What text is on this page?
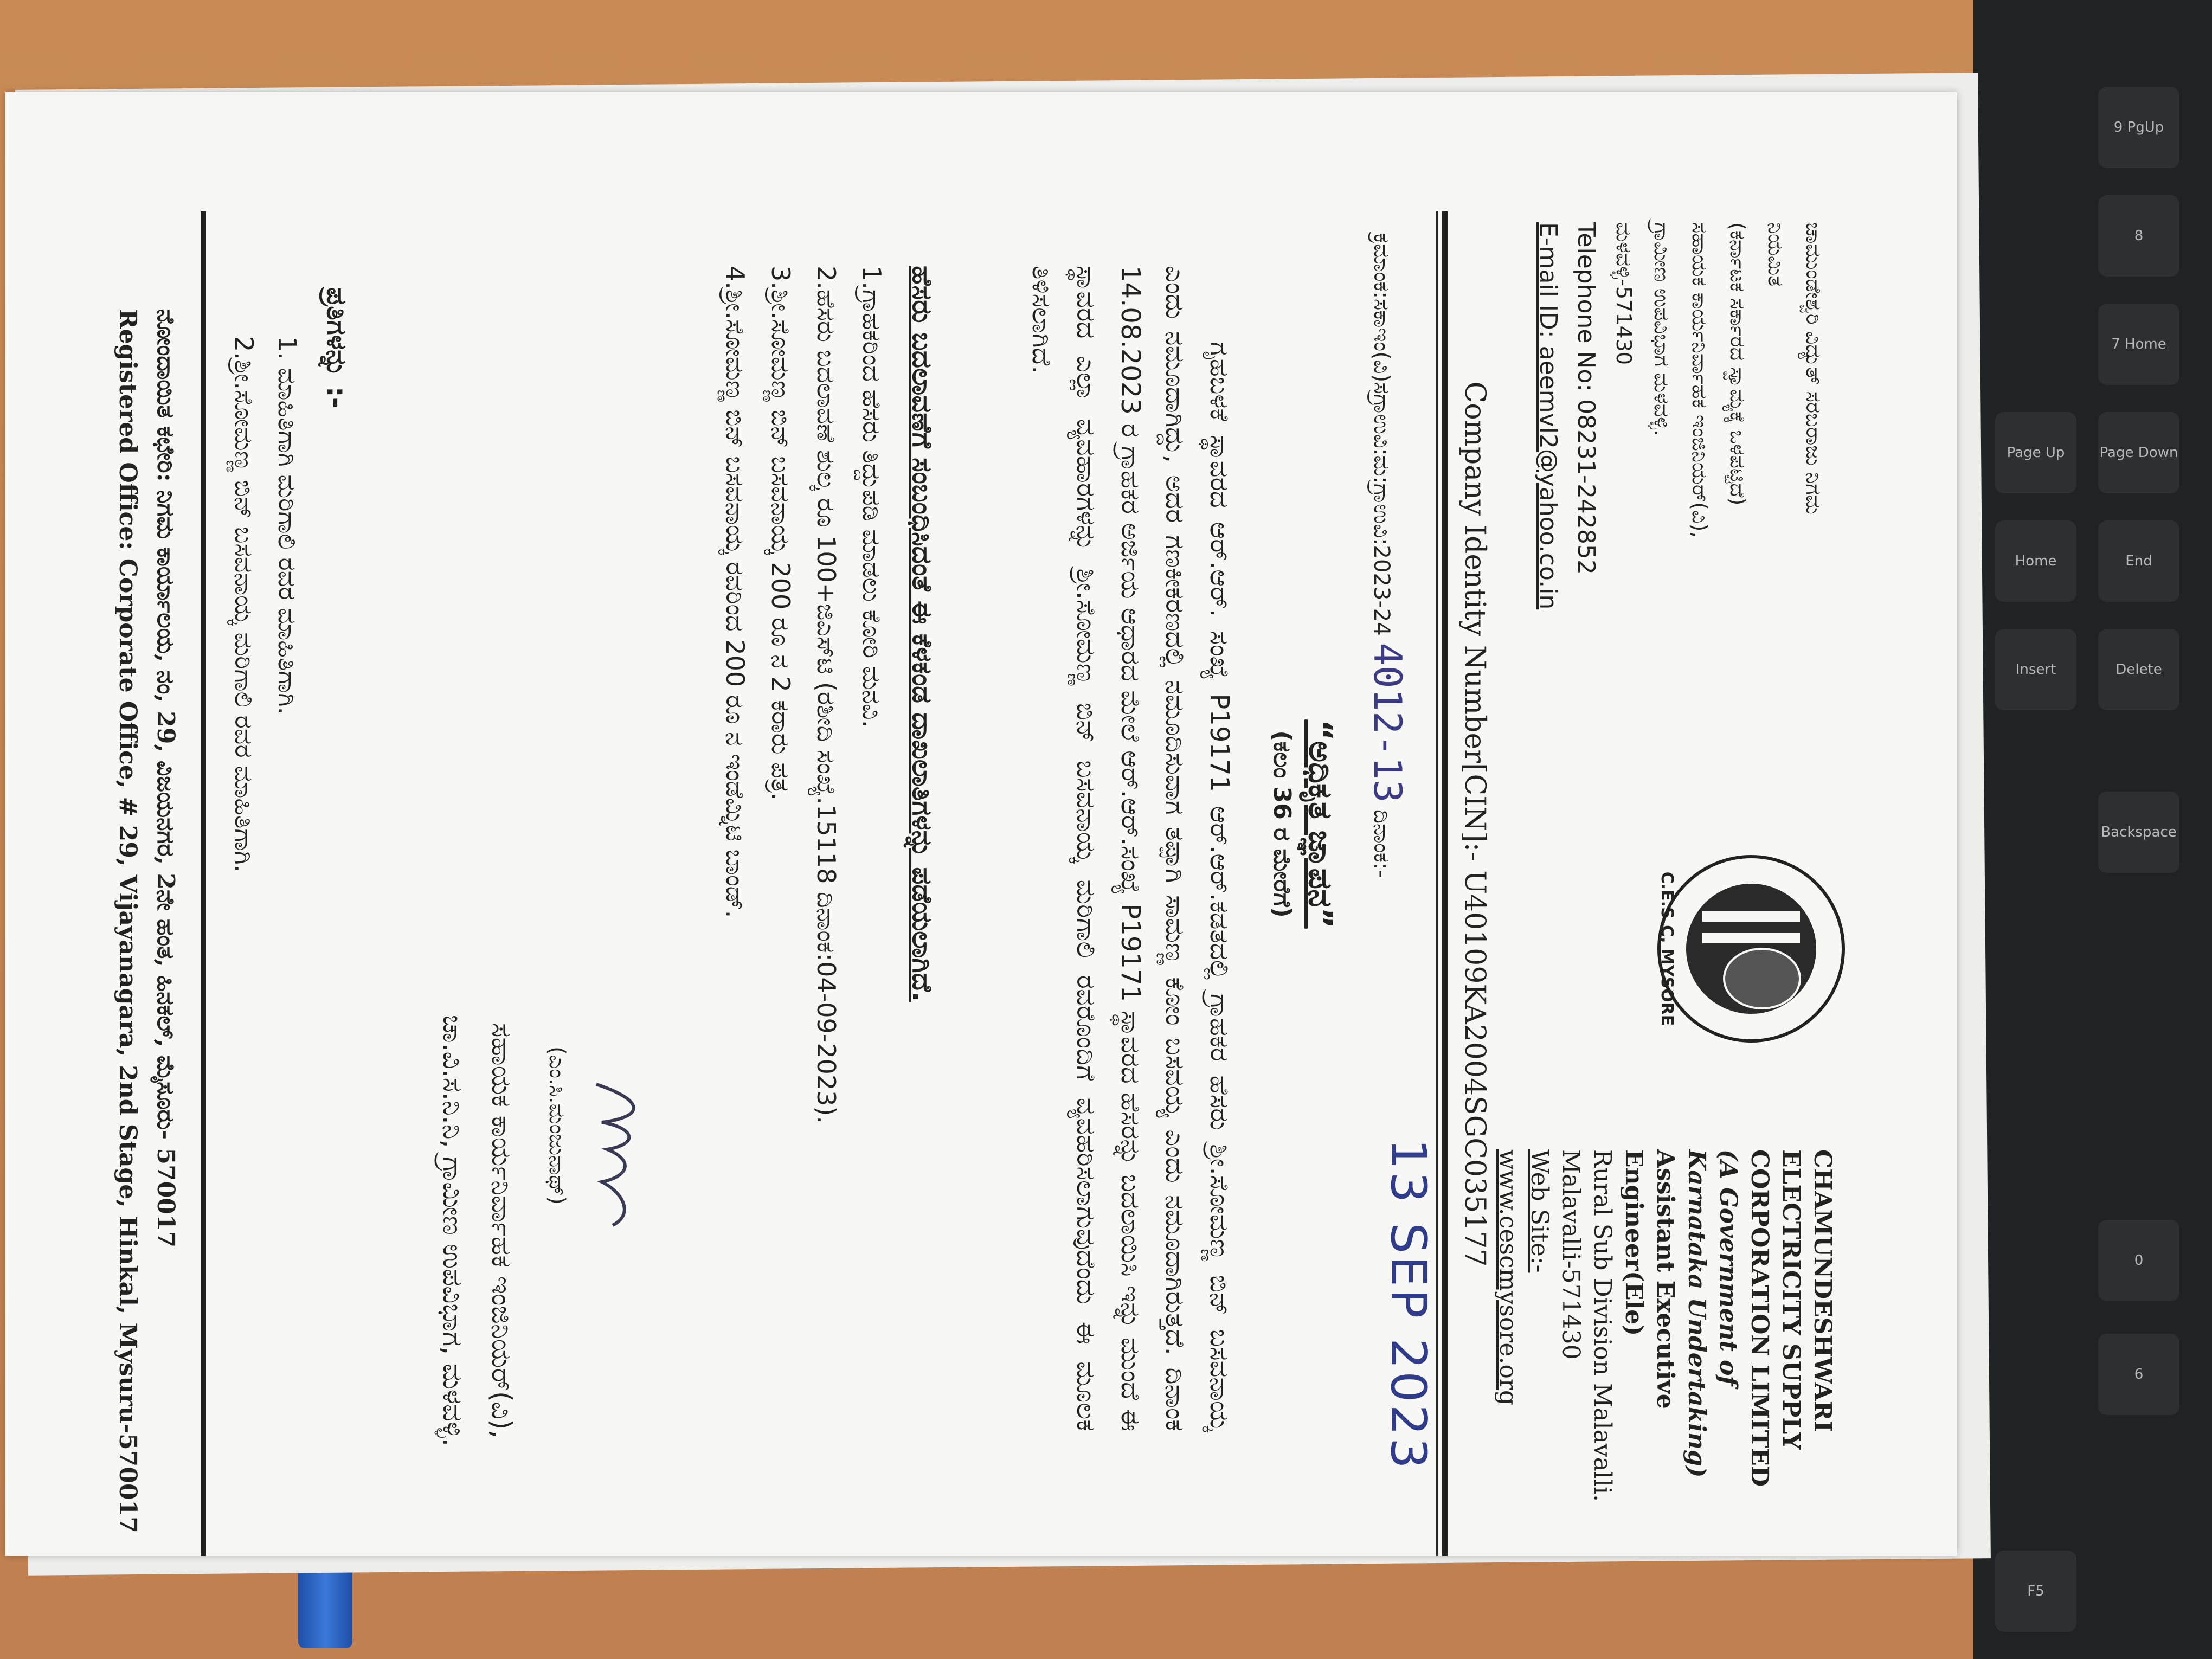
F5
6
0
Backspace
Insert	Delete
Home	End
Page Up	Page Down
7 Home
8
9 PgUp
ಚಾಮುಂಡೇಶ್ವರಿ ವಿದ್ಯುತ್ ಸರಬರಾಜು ನಿಗಮ
ನಿಯಮಿತ
(ಕರ್ನಾಟಕ ಸರ್ಕಾರದ ಸ್ವಾಮ್ಯಕ್ಕೆ ಒಳಪಟ್ಟಿದೆ)
ಸಹಾಯಕ ಕಾರ್ಯನಿರ್ವಾಹಕ ಇಂಜಿನಿಯರ್(ವಿ),
ಗ್ರಾಮೀಣ ಉಪವಿಭಾಗ ಮಳವಳ್ಳಿ.
ಮಳವಳ್ಳಿ-571430
Telephone No: 08231-242852
E-mail ID: aeemvl2@yahoo.co.in
C.E.S.C, MYSORE
CHAMUNDESHWARI ELECTRICITY SUPPLY CORPORATION LIMITED
(A Government of Karnataka Undertaking)
Assistant Executive Engineer(Ele)
Rural Sub Division Malavalli.
Malavalli-571430
Web Site:- www.cescmysore.org
Company Identity Number[CIN]:- U40109KA2004SGC035177
ಕ್ರಮಾಂಕ:ಸಕಾಇಂ(ವಿ)ಸಗ್ರಾಉವಿ:ಮ:ಗ್ರಾಉವಿ:2023-24 4012-13 ದಿನಾಂಕ:-
13 SEP 2023
“ಅಧಿಕೃತ ಜ್ಞಾಪನ”
(ಕಲಂ 36 ರ ಮೇರೆಗೆ)
ಗೃಹಬಳಕೆ ಸ್ಥಾವರದ ಆರ್.ಆರ್. ಸಂಖ್ಯೆ P19171 ಆರ್.ಆರ್.ಕಡತದಲ್ಲಿ ಗ್ರಾಹಕರ ಹೆಸರು ಶ್ರೀ.ಸೋಮಣ್ಣ ಬಿನ್ ಬಸವನಾಯ್ಕ ಎಂದು ನಮೂದಾಗಿದ್ದು, ಅದರ ಗಣಕೀಕರಣದಲ್ಲಿ ನಮೂದಿಸುವಾಗ ತಪ್ಪಾಗಿ ಸಾಮಣ್ಣ ಕೋಂ ಬಸವಯ್ಯ ಎಂದು ನಮೂದಾಗಿರುತ್ತದೆ. ದಿನಾಂಕ 14.08.2023 ರ ಗ್ರಾಹಕರ ಅರ್ಜಿಯ ಆಧಾರದ ಮೇಲೆ ಆರ್.ಆರ್.ಸಂಖ್ಯೆ P19171 ಸ್ಥಾವರದ ಹೆಸರನ್ನು ಬದಲಾಯಿಸಿ ಇನ್ನು ಮುಂದೆ ಈ ಸ್ಥಾವರದ ಎಲ್ಲಾ ವ್ಯವಹಾರಗಳನ್ನು ಶ್ರೀ.ಸೋಮಣ್ಣ ಬಿನ್ ಬಸವನಾಯ್ಕ ಮರಿಗಾಲಿ ರವರೊಂದಿಗೆ ವ್ಯವಹರಿಸಲಾಗುವುದೆಂದು ಈ ಮೂಲಕ ತಿಳಿಸಲಾಗಿದೆ.
ಹೆಸರು ಬದಲಾವಣೆಗೆ ಸಂಬಂಧಿಸಿದಂತೆ ಈ ಕೆಳಕಂಡ ದಾಖಲಾತಿಗಳನ್ನು ಪಡೆಯಲಾಗಿದೆ.
1.ಗ್ರಾಹಕರಿಂದ ಹೆಸರು ತಿದ್ದುಪಡಿ ಮಾಡಲು ಕೋರಿ ಮನವಿ.
2.ಹೆಸರು ಬದಲಾವಣೆ ಶುಲ್ಕ ರೂ 100+ಜಿಎಸ್‌ಟಿ (ರಶೀದಿ ಸಂಖ್ಯೆ.15118 ದಿನಾಂಕ:04-09-2023).
3.ಶ್ರೀ.ಸೋಮಣ್ಣ ಬಿನ್ ಬಸವನಾಯ್ಕ 200 ರೂ ನ 2 ಕರಾರು ಪತ್ರ.
4.ಶ್ರೀ.ಸೋಮಣ್ಣ ಬಿನ್ ಬಸವನಾಯ್ಕ ರವರಿಂದ 200 ರೂ ನ ಇಂಡೆಮ್ನಿಟಿ ಬಾಂಡ್.
(ಎಂ.ಸಿ.ಮಂಜುನಾಥ್)
ಸಹಾಯಕ ಕಾರ್ಯನಿರ್ವಾಹಕ ಇಂಜಿನಿಯರ್(ವಿ),
ಚಾ.ವಿ.ಸ.ನಿ.ನಿ, ಗ್ರಾಮೀಣ ಉಪವಿಭಾಗ, ಮಳವಳ್ಳಿ.
ಪ್ರತಿಗಳನ್ನು :-
1. ಮಾಹಿತಿಗಾಗಿ ಮರಿಗಾಲಿ ರವರ ಮಾಹಿತಿಗಾಗಿ.
2.ಶ್ರೀ.ಸೋಮಣ್ಣ ಬಿನ್ ಬಸವನಾಯ್ಕ ಮರಿಗಾಲಿ ರವರ ಮಾಹಿತಿಗಾಗಿ.
ನೋಂದಾಯಿತ ಕಛೇರಿ: ನಿಗಮ ಕಾರ್ಯಾಲಯ, ನಂ, 29, ವಿಜಯನಗರ, 2ನೇ ಹಂತ, ಹಿನಕಲ್, ಮೈಸೂರು- 570017
Registered Office: Corporate Office, # 29, Vijayanagara, 2nd Stage, Hinkal, Mysuru-570017
